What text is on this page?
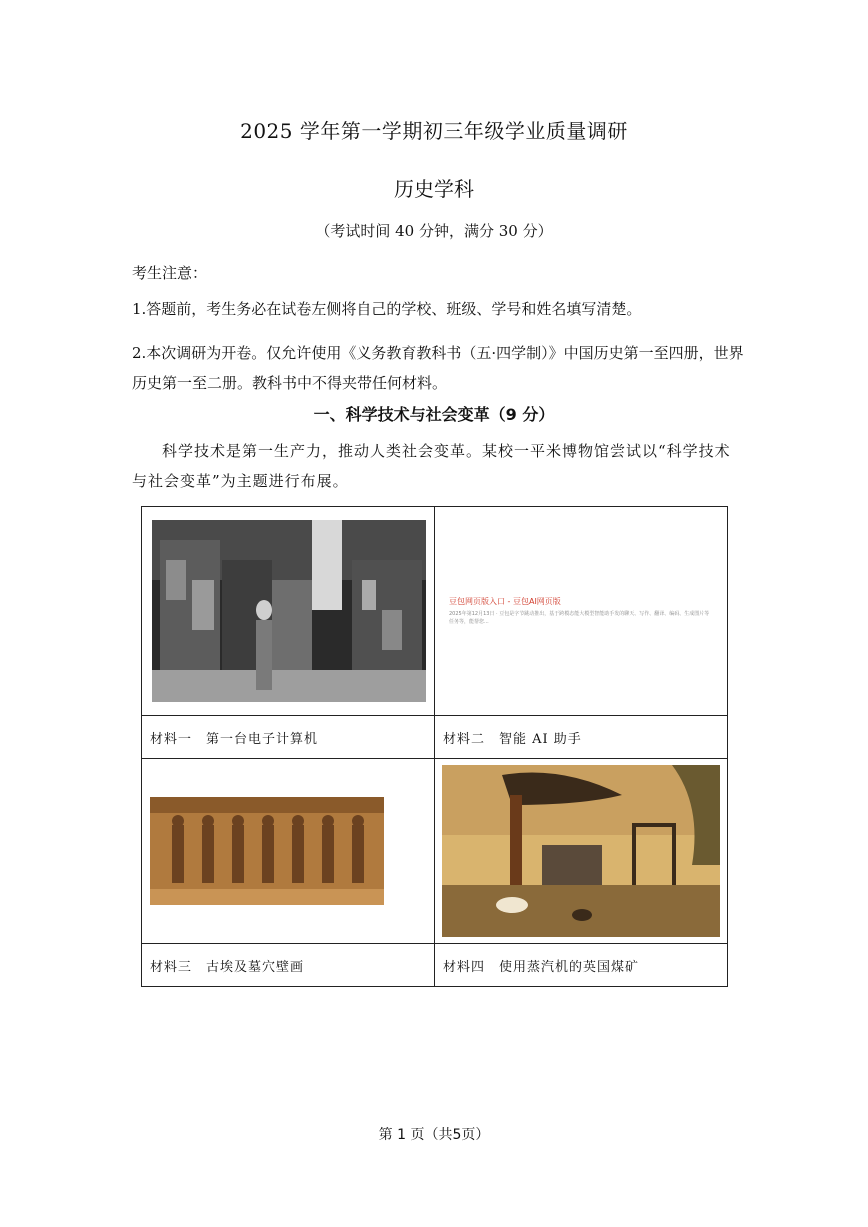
2025 学年第一学期初三年级学业质量调研
历史学科
（考试时间 40 分钟，满分 30 分）
考生注意：
1.答题前，考生务必在试卷左侧将自己的学校、班级、学号和姓名填写清楚。
2.本次调研为开卷。仅允许使用《义务教育教科书（五·四学制）》中国历史第一至四册，世界历史第一至二册。教科书中不得夹带任何材料。
一、科学技术与社会变革（9 分）
科学技术是第一生产力，推动人类社会变革。某校一平米博物馆尝试以“科学技术与社会变革”为主题进行布展。

豆包网页版入口 - 豆包AI网页版
2025年第12月13日 · 豆包是字节跳动推出，基于跨模态能大模型智能助手发的聊天、写作、翻译、编码、生成图片等任务等，能帮您...

材料一　第一台电子计算机	材料二　智能 AI 助手

材料三　古埃及墓穴壁画	材料四　使用蒸汽机的英国煤矿
第 1 页（共5页）
